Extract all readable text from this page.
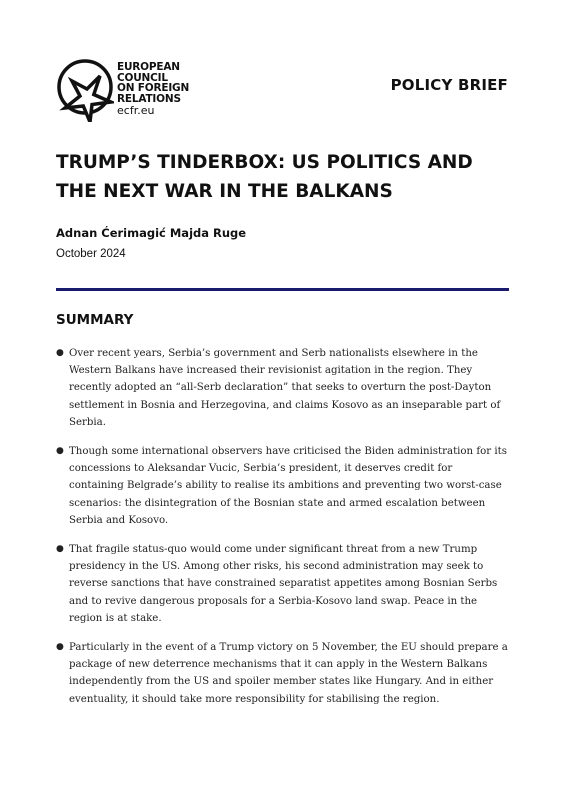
EUROPEAN
COUNCIL
ON FOREIGN
RELATIONS
ecfr.eu
POLICY BRIEF
TRUMP’S TINDERBOX: US POLITICS AND THE NEXT WAR IN THE BALKANS
Adnan Ćerimagić Majda Ruge
October 2024
SUMMARY
● Over recent years, Serbia’s government and Serb nationalists elsewhere in the Western Balkans have increased their revisionist agitation in the region. They recently adopted an “all-Serb declaration” that seeks to overturn the post-Dayton settlement in Bosnia and Herzegovina, and claims Kosovo as an inseparable part of Serbia.
● Though some international observers have criticised the Biden administration for its concessions to Aleksandar Vucic, Serbia’s president, it deserves credit for containing Belgrade’s ability to realise its ambitions and preventing two worst-case scenarios: the disintegration of the Bosnian state and armed escalation between Serbia and Kosovo.
● That fragile status-quo would come under significant threat from a new Trump presidency in the US. Among other risks, his second administration may seek to reverse sanctions that have constrained separatist appetites among Bosnian Serbs and to revive dangerous proposals for a Serbia-Kosovo land swap. Peace in the region is at stake.
● Particularly in the event of a Trump victory on 5 November, the EU should prepare a package of new deterrence mechanisms that it can apply in the Western Balkans independently from the US and spoiler member states like Hungary. And in either eventuality, it should take more responsibility for stabilising the region.
